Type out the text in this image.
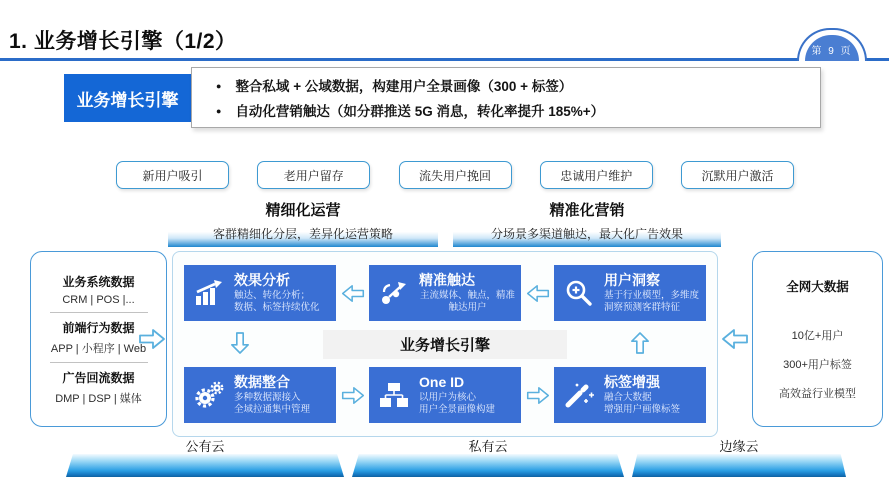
1. 业务增长引擎（1/2）	第 9 页
业务增长引擎
● 整合私域 + 公域数据，构建用户全景画像（300 + 标签）
● 自动化营销触达（如分群推送 5G 消息，转化率提升 185%+）
新用户吸引	老用户留存	流失用户挽回	忠诚用户维护	沉默用户激活
精细化运营
客群精细化分层，差异化运营策略
精准化营销
分场景多渠道触达，最大化广告效果
业务系统数据
CRM | POS |...
前端行为数据
APP | 小程序 | Web
广告回流数据
DMP | DSP | 媒体
效果分析
触达、转化分析；
数据、标签持续优化
精准触达
主流媒体、触点，精准触达用户
用户洞察
基于行业模型，多维度洞察预测客群特征
业务增长引擎
数据整合
多种数据源接入
全域拉通集中管理
One ID
以用户为核心
用户全景画像构建
标签增强
融合大数据
增强用户画像标签
全网大数据
10亿+用户
300+用户标签
高效益行业模型
公有云	私有云	边缘云
